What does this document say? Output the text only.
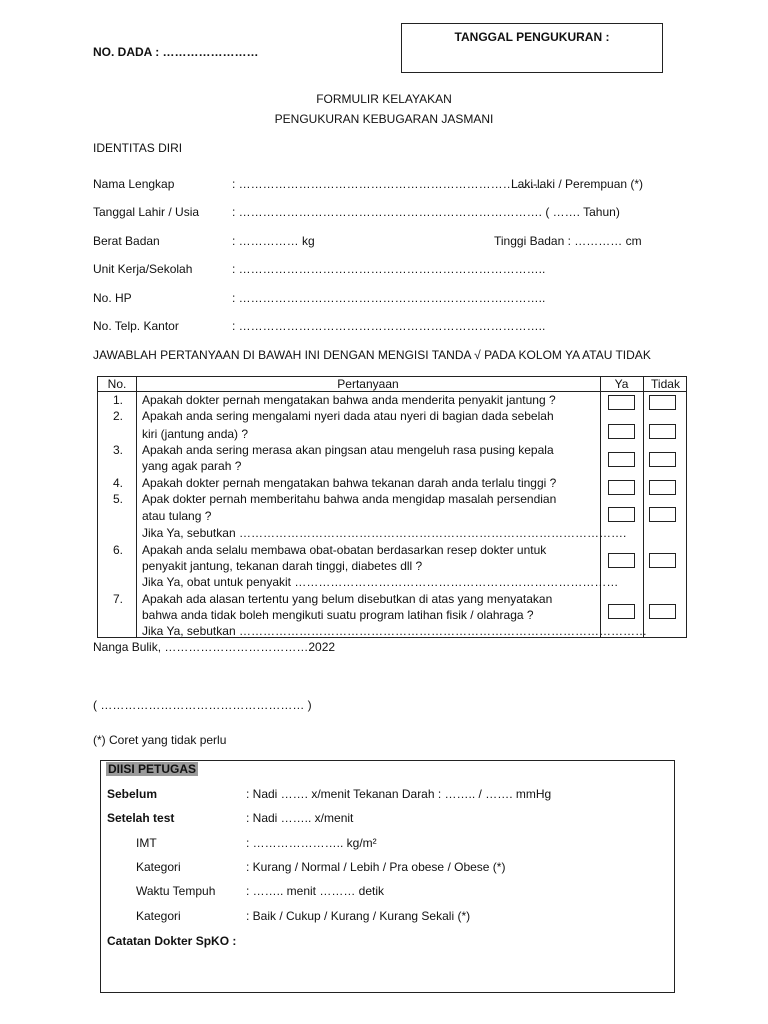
TANGGAL PENGUKURAN :
NO. DADA : ……………………
FORMULIR KELAYAKAN
PENGUKURAN KEBUGARAN JASMANI
IDENTITAS DIRI
Nama Lengkap	: ………………………………………………………………….
Laki-laki / Perempuan (*)
Tanggal Lahir / Usia	: …………………………………………………………………. ( ……. Tahun)
Berat Badan	: …………… kg	Tinggi Badan : ………… cm
Unit Kerja/Sekolah	: …………………………………………………………………..
No. HP	: …………………………………………………………………..
No. Telp. Kantor	: …………………………………………………………………..
JAWABLAH PERTANYAAN DI BAWAH INI DENGAN MENGISI TANDA √ PADA KOLOM YA ATAU TIDAK
No.	Pertanyaan	Ya	Tidak
1.	Apakah dokter pernah mengatakan bahwa anda menderita penyakit jantung ?
2.	Apakah anda sering mengalami nyeri dada atau nyeri di bagian dada sebelah
kiri (jantung anda) ?
3.	Apakah anda sering merasa akan pingsan atau mengeluh rasa pusing kepala
yang agak parah ?
4.	Apakah dokter pernah mengatakan bahwa tekanan darah anda terlalu tinggi ?
5.	Apak dokter pernah memberitahu bahwa anda mengidap masalah persendian
atau tulang ?
Jika Ya, sebutkan …………………………………………………………………………………….
6.	Apakah anda selalu membawa obat-obatan berdasarkan resep dokter untuk
penyakit jantung, tekanan darah tinggi, diabetes dll ?
Jika Ya, obat untuk penyakit ………………………………………………………………………
7.	Apakah ada alasan tertentu yang belum disebutkan di atas yang menyatakan
bahwa anda tidak boleh mengikuti suatu program latihan fisik / olahraga ?
Jika Ya, sebutkan …………………………………………………………………………………………
Nanga Bulik, ………………………………2022
( …………………………………………… )
(*) Coret yang tidak perlu
DIISI PETUGAS
Sebelum	: Nadi ……. x/menit Tekanan Darah : …….. / ……. mmHg
Setelah test	: Nadi …….. x/menit
IMT	: ………………….. kg/m²
Kategori	: Kurang / Normal / Lebih / Pra obese / Obese (*)
Waktu Tempuh	: …….. menit ……… detik
Kategori	: Baik / Cukup / Kurang / Kurang Sekali (*)
Catatan Dokter SpKO :
